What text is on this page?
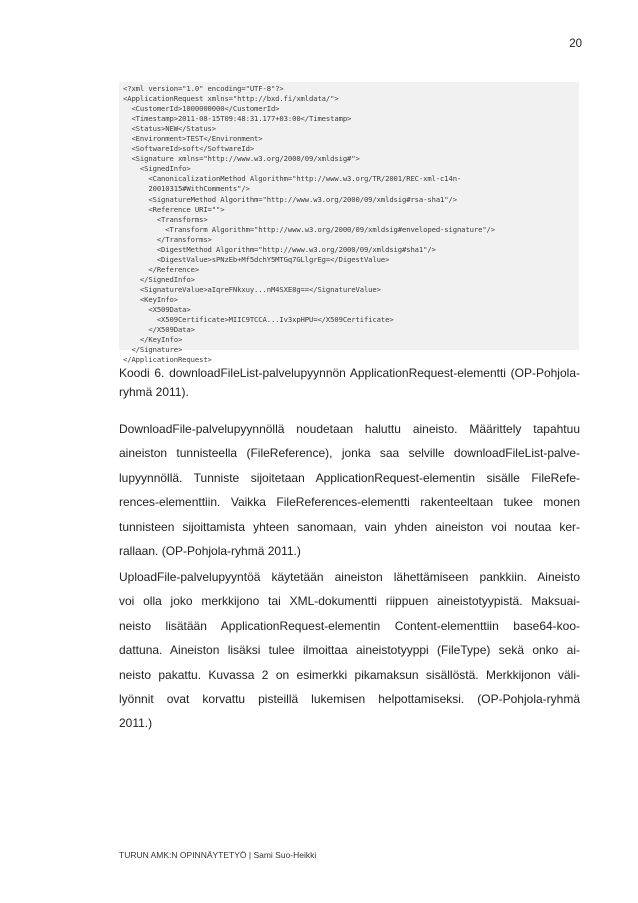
20
<?xml version="1.0" encoding="UTF-8"?>
<ApplicationRequest xmlns="http://bxd.fi/xmldata/">
<CustomerId>1000000000</CustomerId>
<Timestamp>2011-08-15T09:48:31.177+03:00</Timestamp>
<Status>NEW</Status>
<Environment>TEST</Environment>
<SoftwareId>soft</SoftwareId>
<Signature xmlns="http://www.w3.org/2000/09/xmldsig#">
<SignedInfo>
<CanonicalizationMethod Algorithm="http://www.w3.org/TR/2001/REC-xml-c14n-
20010315#WithComments"/>
<SignatureMethod Algorithm="http://www.w3.org/2000/09/xmldsig#rsa-sha1"/>
<Reference URI="">
<Transforms>
<Transform Algorithm="http://www.w3.org/2000/09/xmldsig#enveloped-signature"/>
</Transforms>
<DigestMethod Algorithm="http://www.w3.org/2000/09/xmldsig#sha1"/>
<DigestValue>sPNzEb+Mf5dchY5MTGq7GLlgrEg=</DigestValue>
</Reference>
</SignedInfo>
<SignatureValue>aIqreFNkxuy...nM4SXE8g==</SignatureValue>
<KeyInfo>
<X509Data>
<X509Certificate>MIIC9TCCA...Iv3xpHPU=</X509Certificate>
</X509Data>
</KeyInfo>
</Signature>
</ApplicationRequest>
Koodi 6. downloadFileList-palvelupyynnön ApplicationRequest-elementti (OP-Pohjola-ryhmä 2011).
DownloadFile-palvelupyynnöllä noudetaan haluttu aineisto. Määrittely tapahtuu
aineiston tunnisteella (FileReference), jonka saa selville downloadFileList-palve-
lupyynnöllä. Tunniste sijoitetaan ApplicationRequest-elementin sisälle FileRefe-
rences-elementtiin. Vaikka FileReferences-elementti rakenteeltaan tukee monen
tunnisteen sijoittamista yhteen sanomaan, vain yhden aineiston voi noutaa ker-
rallaan. (OP-Pohjola-ryhmä 2011.)
UploadFile-palvelupyyntöä käytetään aineiston lähettämiseen pankkiin. Aineisto
voi olla joko merkkijono tai XML-dokumentti riippuen aineistotyypistä. Maksuai-
neisto lisätään ApplicationRequest-elementin Content-elementtiin base64-koo-
dattuna. Aineiston lisäksi tulee ilmoittaa aineistotyyppi (FileType) sekä onko ai-
neisto pakattu. Kuvassa 2 on esimerkki pikamaksun sisällöstä. Merkkijonon väli-
lyönnit ovat korvattu pisteillä lukemisen helpottamiseksi. (OP-Pohjola-ryhmä
2011.)
TURUN AMK:N OPINNÄYTETYÖ | Sami Suo-Heikki
